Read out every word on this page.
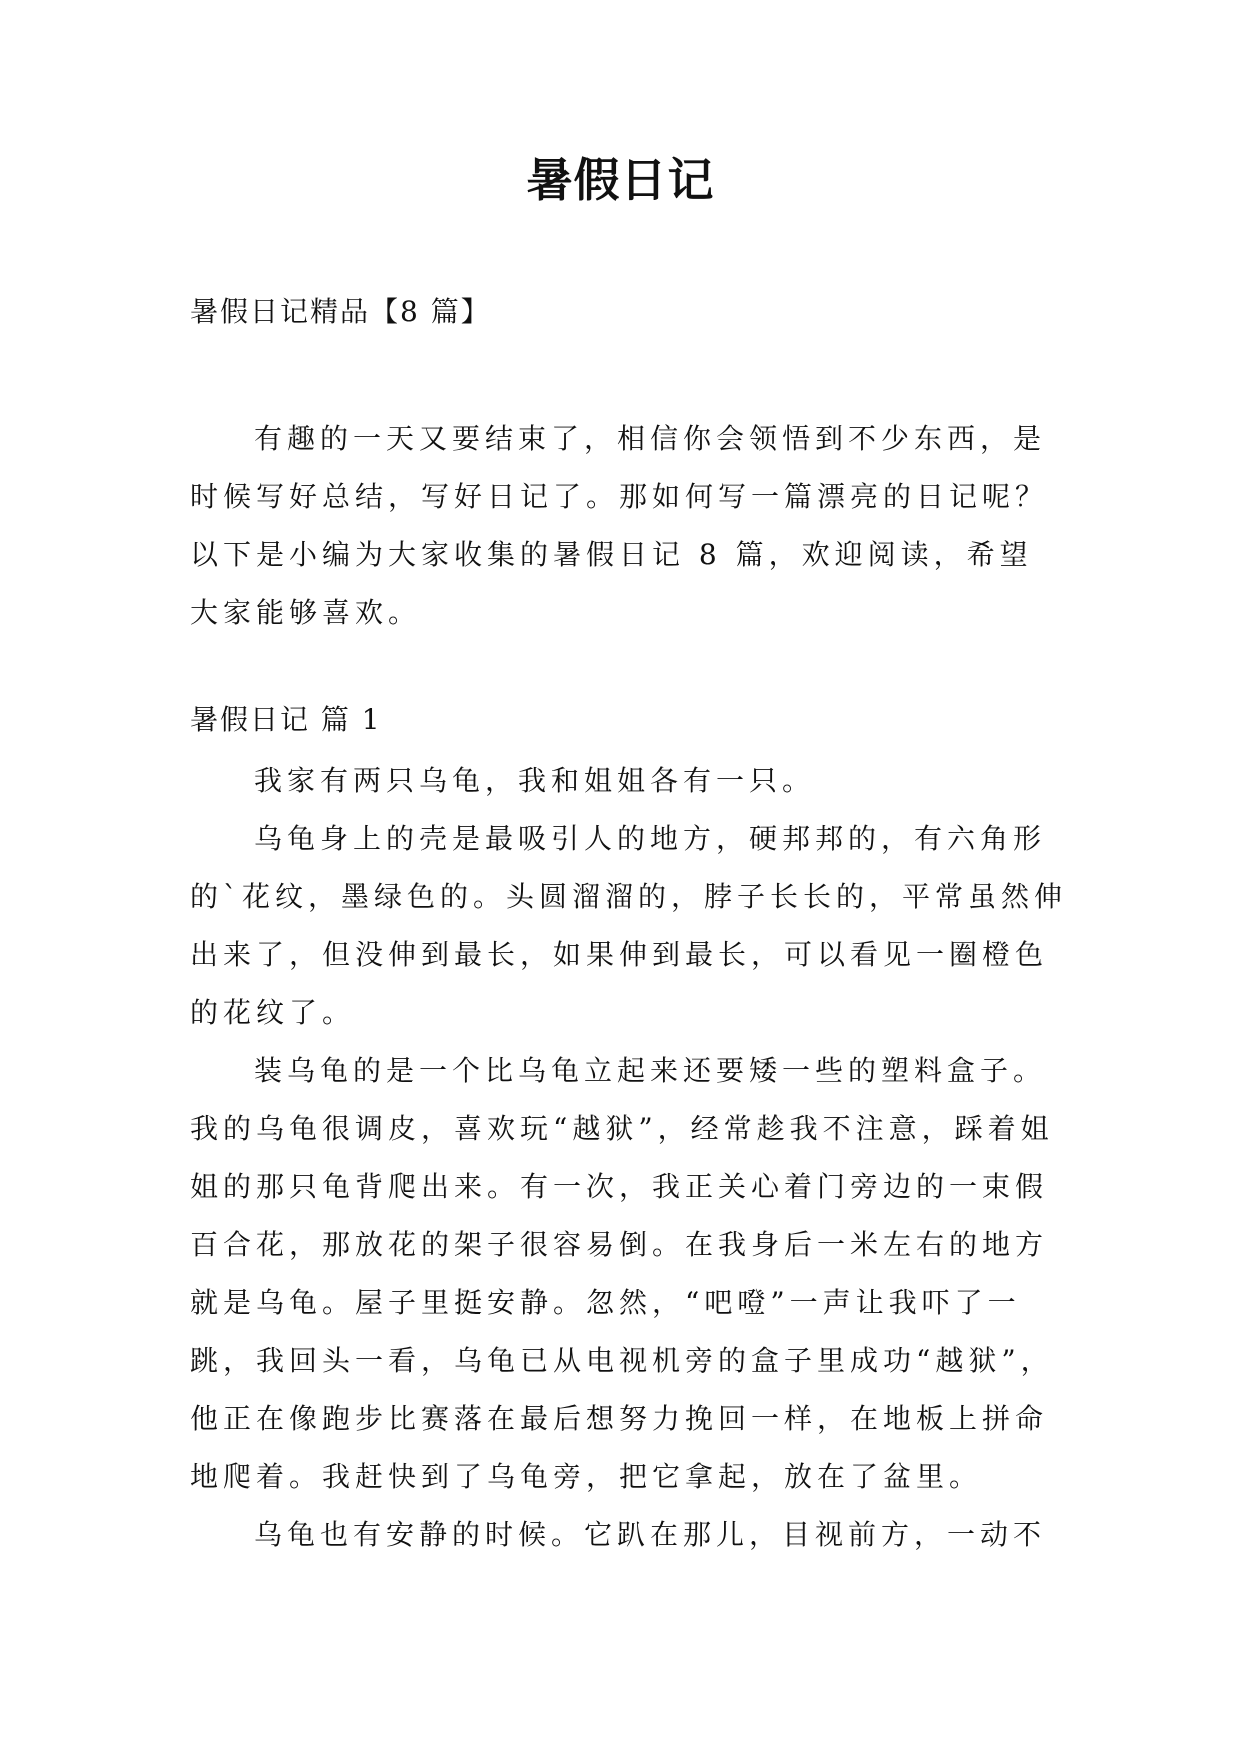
暑假日记

暑假日记精品【8 篇】

有趣的一天又要结束了，相信你会领悟到不少东西，是时候写好总结，写好日记了。那如何写一篇漂亮的日记呢？以下是小编为大家收集的暑假日记 8 篇，欢迎阅读，希望大家能够喜欢。

暑假日记 篇 1

我家有两只乌龟，我和姐姐各有一只。

乌龟身上的壳是最吸引人的地方，硬邦邦的，有六角形的`花纹，墨绿色的。头圆溜溜的，脖子长长的，平常虽然伸出来了，但没伸到最长，如果伸到最长，可以看见一圈橙色的花纹了。

装乌龟的是一个比乌龟立起来还要矮一些的塑料盒子。我的乌龟很调皮，喜欢玩“越狱”，经常趁我不注意，踩着姐姐的那只龟背爬出来。有一次，我正关心着门旁边的一束假百合花，那放花的架子很容易倒。在我身后一米左右的地方就是乌龟。屋子里挺安静。忽然，“吧噔”一声让我吓了一跳，我回头一看，乌龟已从电视机旁的盒子里成功“越狱”，他正在像跑步比赛落在最后想努力挽回一样，在地板上拼命地爬着。我赶快到了乌龟旁，把它拿起，放在了盆里。

乌龟也有安静的时候。它趴在那儿，目视前方，一动不
